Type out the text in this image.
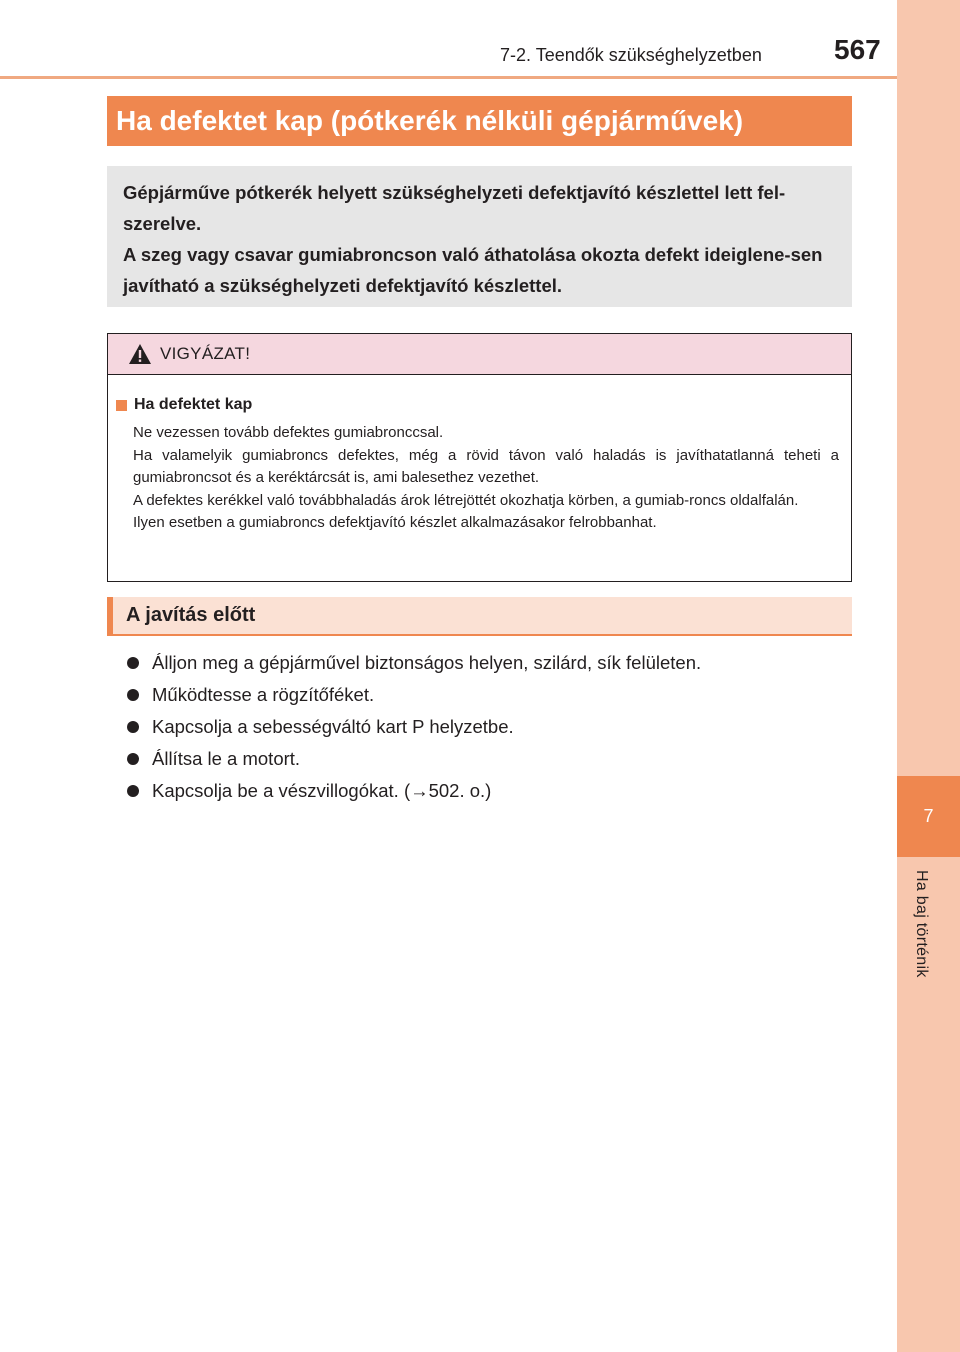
7
Ha baj történik
7-2. Teendők szükséghelyzetben	567
Ha defektet kap (pótkerék nélküli gépjárművek)

Gépjárműve pótkerék helyett szükséghelyzeti defektjavító készlettel lett fel-szerelve.

A szeg vagy csavar gumiabroncson való áthatolása okozta defekt ideiglene-sen javítható a szükséghelyzeti defektjavító készlettel.

VIGYÁZAT!
Ha defektet kap

Ne vezessen tovább defektes gumiabronccsal.

Ha valamelyik gumiabroncs defektes, még a rövid távon való haladás is javíthatatlanná teheti a gumiabroncsot és a keréktárcsát is, ami balesethez vezethet.

A defektes kerékkel való továbbhaladás árok létrejöttét okozhatja körben, a gumiab-roncs oldalfalán.

Ilyen esetben a gumiabroncs defektjavító készlet alkalmazásakor felrobbanhat.

A javítás előtt
Álljon meg a gépjárművel biztonságos helyen, szilárd, sík felületen.
Működtesse a rögzítőféket.
Kapcsolja a sebességváltó kart P helyzetbe.
Állítsa le a motort.
Kapcsolja be a vészvillogókat. (→502. o.)
